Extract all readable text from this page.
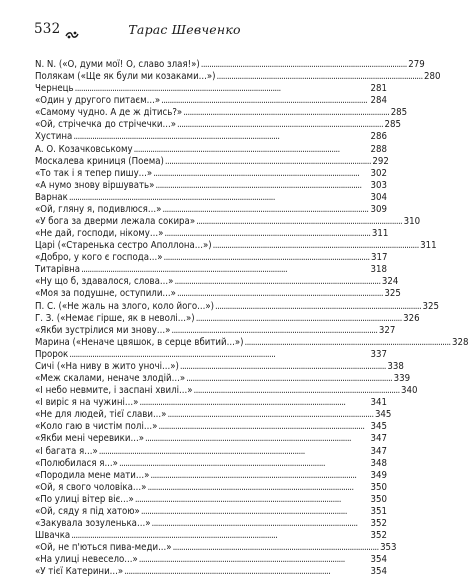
532	Тарас Шевченко
N. N. («О, думи мої! О, славо злая!») . . .	279
Полякам («Ще як були ми козаками...») . . .	280
Чернець . . .	281
«Один у другого питаєм...» . . .	284
«Самому чудно. А де ж дітись?» . . .	285
«Ой, стрічечка до стрічечки...» . . .	285
Хустина . . .	286
А. О. Козачковському . . .	288
Москалева криниця (Поема) . . .	292
«То так і я тепер пишу...» . . .	302
«А нумо знову віршувать» . . .	303
Варнак . . .	304
«Ой, гляну я, подивлюся...» . . .	309
«У бога за дверми лежала сокира» . . .	310
«Не дай, господи, нікому...» . . .	311
Царі («Старенька сестро Аполлона...») . . .	311
«Добро, у кого є господа...» . . .	317
Титарівна . . .	318
«Ну що б, здавалося, слова...» . . .	324
«Моя за подушне, оступили...» . . .	325
П. С. («Не жаль на злого, коло його...») . . .	325
Г. З. («Немає гірше, як в неволі...») . . .	326
«Якби зустрілися ми знову...» . . .	327
Марина («Неначе цвяшок, в серце вбитий...») . . .	328
Пророк . . .	337
Сичі («На ниву в жито уночі...») . . .	338
«Меж скалами, неначе злодій...» . . .	339
«І небо невмите, і заспані хвилі...» . . .	340
«І виріс я на чужині...» . . .	341
«Не для людей, тієї слави...» . . .	345
«Коло гаю в чистім полі...» . . .	345
«Якби мені черевики...» . . .	347
«І багата я...» . . .	347
«Полюбилася я...» . . .	348
«Породила мене мати...» . . .	349
«Ой, я свого чоловіка...» . . .	350
«По улиці вітер віє...» . . .	350
«Ой, сяду я під хатою» . . .	351
«Закувала зозуленька...» . . .	352
Швачка . . .	352
«Ой, не п'ються пива-меди...» . . .	353
«На улиці невесело...» . . .	354
«У тієї Катерини...» . . .	354
